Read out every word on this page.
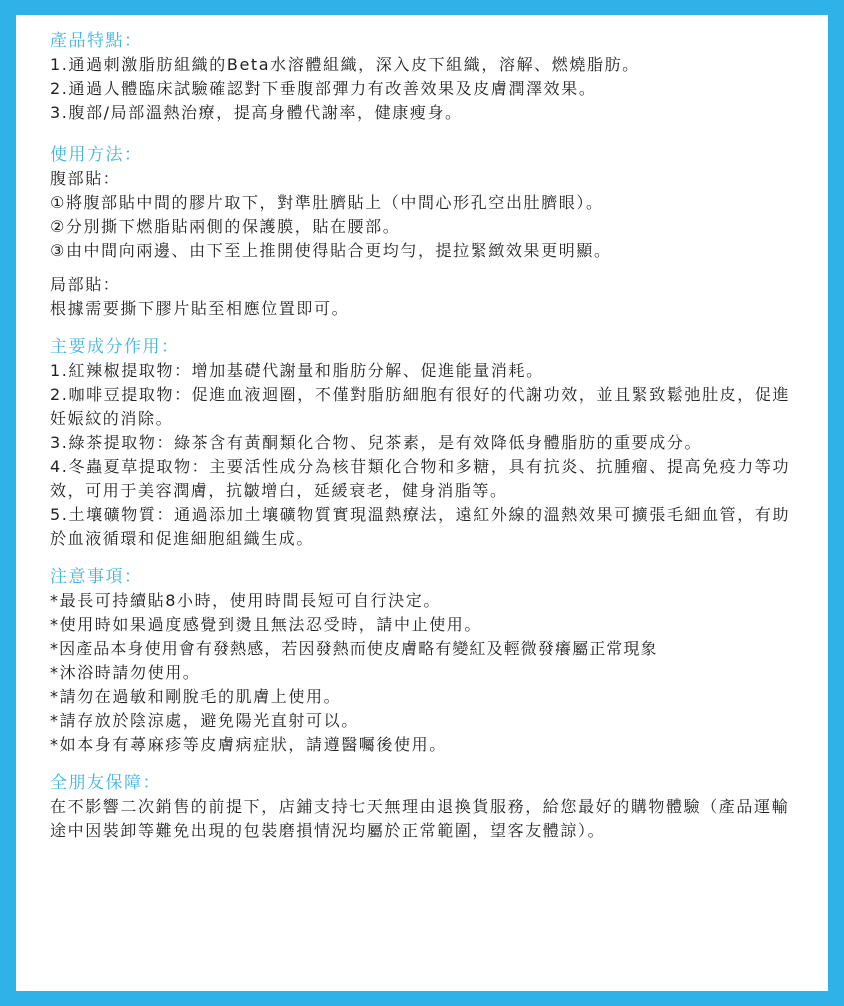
產品特點：
1.通過刺激脂肪組織的Beta水溶體組織，深入皮下組織，溶解、燃燒脂肪。
2.通過人體臨床試驗確認對下垂腹部彈力有改善效果及皮膚潤澤效果。
3.腹部/局部溫熱治療，提高身體代謝率，健康瘦身。
使用方法：
腹部貼：
①將腹部貼中間的膠片取下，對準肚臍貼上（中間心形孔空出肚臍眼）。
②分別撕下燃脂貼兩側的保護膜，貼在腰部。
③由中間向兩邊、由下至上推開使得貼合更均勻，提拉緊緻效果更明顯。
局部貼：
根據需要撕下膠片貼至相應位置即可。
主要成分作用：
1.紅辣椒提取物：增加基礎代謝量和脂肪分解、促進能量消耗。
2.咖啡豆提取物：促進血液迴圈，不僅對脂肪細胞有很好的代謝功效，並且緊致鬆弛肚皮，促進妊娠紋的消除。
3.綠茶提取物：綠茶含有黃酮類化合物、兒茶素，是有效降低身體脂肪的重要成分。
4.冬蟲夏草提取物：主要活性成分為核苷類化合物和多糖，具有抗炎、抗腫瘤、提高免疫力等功效，可用于美容潤膚，抗皺增白，延緩衰老，健身消脂等。
5.土壤礦物質：通過添加土壤礦物質實現溫熱療法，遠紅外線的溫熱效果可擴張毛細血管，有助於血液循環和促進細胞組織生成。
注意事項：
*最長可持續貼8小時，使用時間長短可自行決定。
*使用時如果過度感覺到燙且無法忍受時，請中止使用。
*因產品本身使用會有發熱感，若因發熱而使皮膚略有變紅及輕微發癢屬正常現象
*沐浴時請勿使用。
*請勿在過敏和剛脫毛的肌膚上使用。
*請存放於陰涼處，避免陽光直射可以。
*如本身有蕁麻疹等皮膚病症狀，請遵醫囑後使用。
全朋友保障：
在不影響二次銷售的前提下，店鋪支持七天無理由退換貨服務，給您最好的購物體驗（產品運輸途中因裝卸等難免出現的包裝磨損情況均屬於正常範圍，望客友體諒）。
